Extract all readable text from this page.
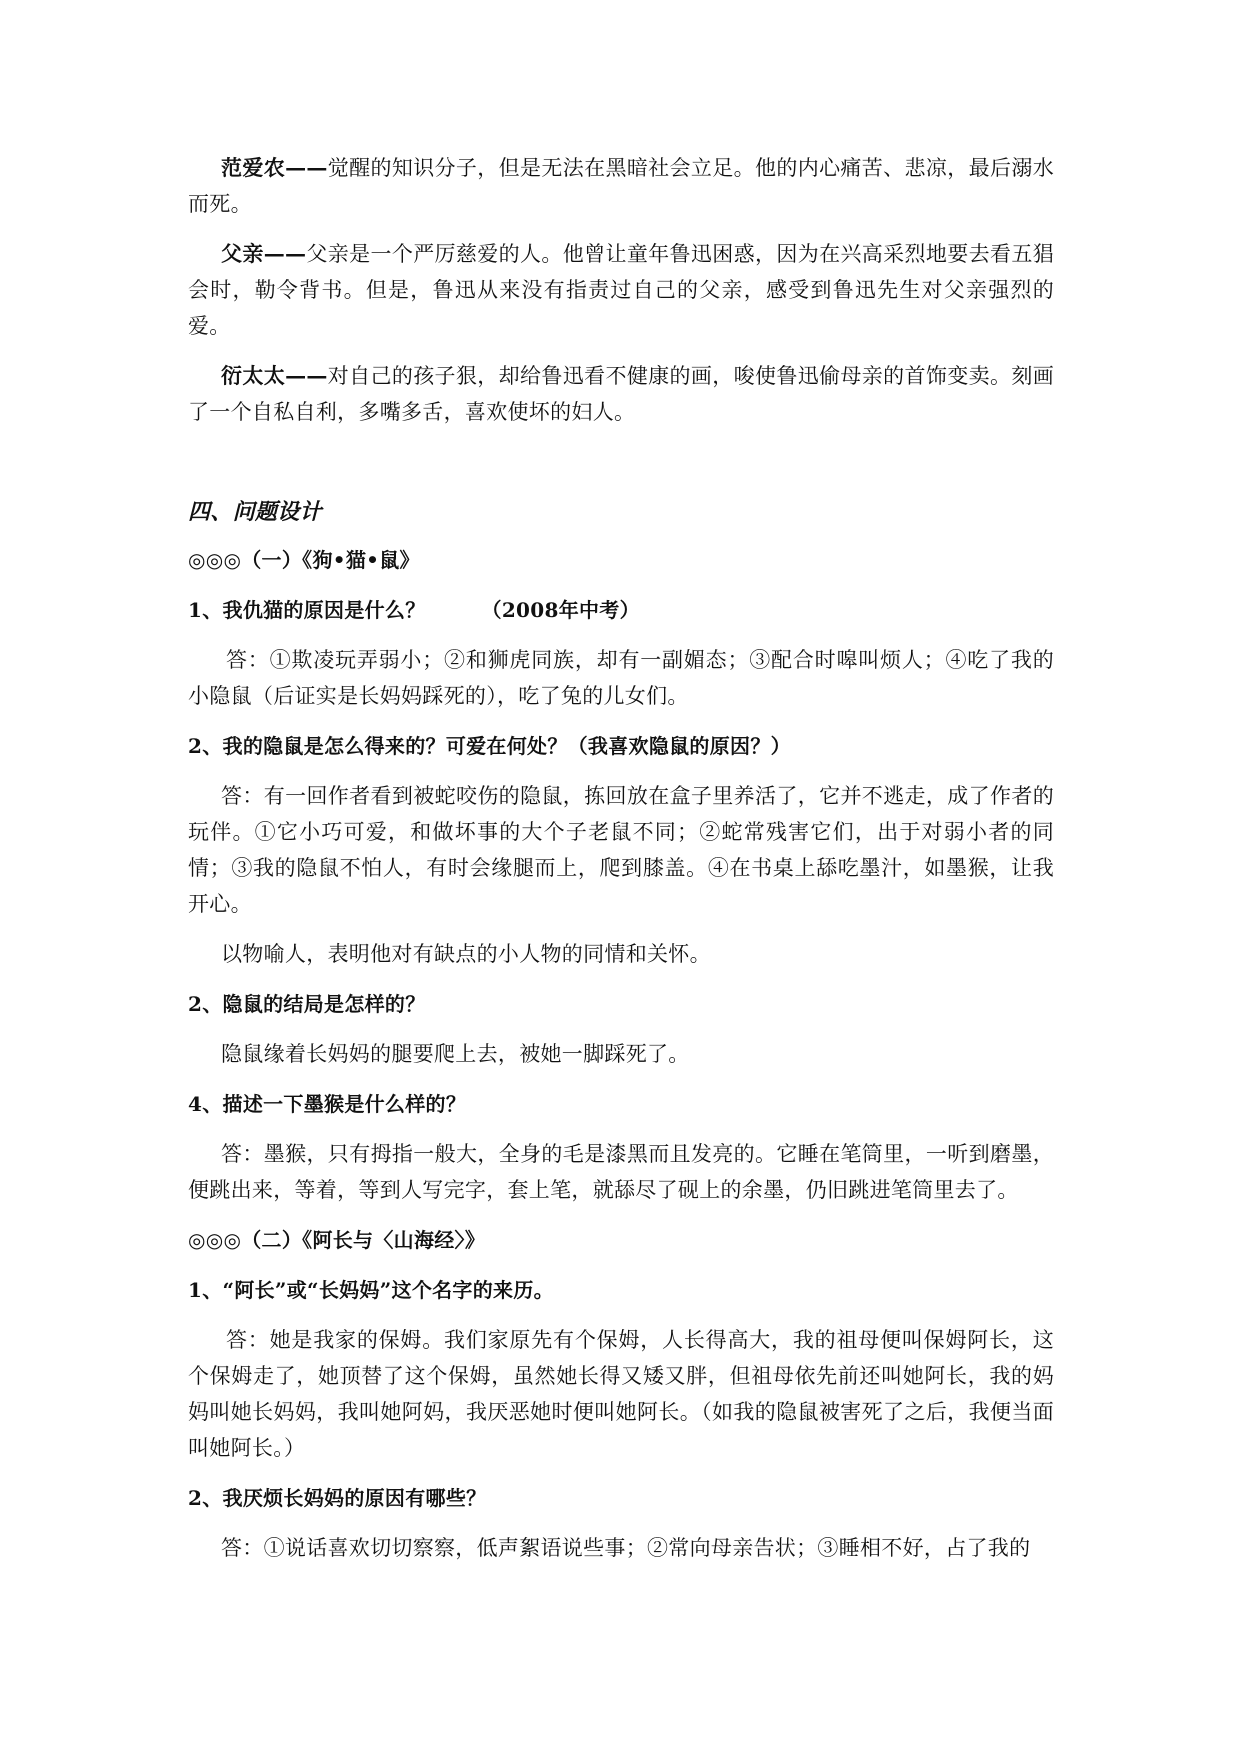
范爱农——觉醒的知识分子，但是无法在黑暗社会立足。他的内心痛苦、悲凉，最后溺水而死。

父亲——父亲是一个严厉慈爱的人。他曾让童年鲁迅困惑，因为在兴高采烈地要去看五猖会时，勒令背书。但是，鲁迅从来没有指责过自己的父亲，感受到鲁迅先生对父亲强烈的爱。

衍太太——对自己的孩子狠，却给鲁迅看不健康的画，唆使鲁迅偷母亲的首饰变卖。刻画了一个自私自利，多嘴多舌，喜欢使坏的妇人。

四、问题设计

◎◎◎（一）《狗•猫•鼠》

1、我仇猫的原因是什么？	（2008年中考）

答：①欺凌玩弄弱小；②和狮虎同族，却有一副媚态；③配合时嗥叫烦人；④吃了我的小隐鼠（后证实是长妈妈踩死的），吃了兔的儿女们。

2、我的隐鼠是怎么得来的？可爱在何处？（我喜欢隐鼠的原因？）

答：有一回作者看到被蛇咬伤的隐鼠，拣回放在盒子里养活了，它并不逃走，成了作者的玩伴。①它小巧可爱，和做坏事的大个子老鼠不同；②蛇常残害它们，出于对弱小者的同情；③我的隐鼠不怕人，有时会缘腿而上，爬到膝盖。④在书桌上舔吃墨汁，如墨猴，让我开心。

以物喻人，表明他对有缺点的小人物的同情和关怀。

2、隐鼠的结局是怎样的？

隐鼠缘着长妈妈的腿要爬上去，被她一脚踩死了。

4、描述一下墨猴是什么样的？

答：墨猴，只有拇指一般大，全身的毛是漆黑而且发亮的。它睡在笔筒里，一听到磨墨，便跳出来，等着，等到人写完字，套上笔，就舔尽了砚上的余墨，仍旧跳进笔筒里去了。

◎◎◎（二）《阿长与〈山海经〉》

1、“阿长”或“长妈妈”这个名字的来历。

答：她是我家的保姆。我们家原先有个保姆，人长得高大，我的祖母便叫保姆阿长，这个保姆走了，她顶替了这个保姆，虽然她长得又矮又胖，但祖母依先前还叫她阿长，我的妈妈叫她长妈妈，我叫她阿妈，我厌恶她时便叫她阿长。（如我的隐鼠被害死了之后，我便当面叫她阿长。）

2、我厌烦长妈妈的原因有哪些？

答：①说话喜欢切切察察，低声絮语说些事；②常向母亲告状；③睡相不好，占了我的
